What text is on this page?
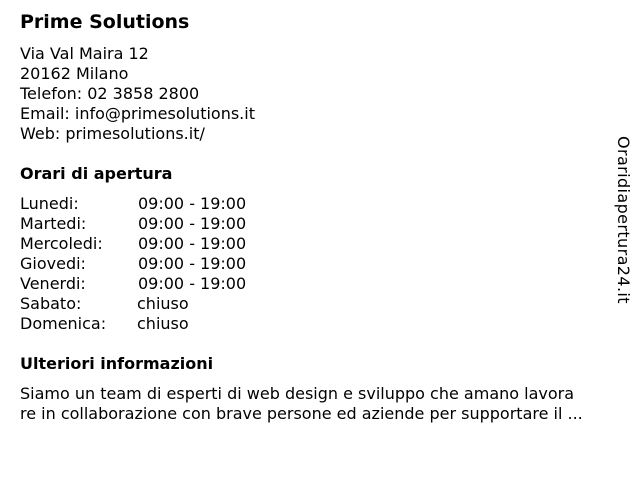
Prime Solutions
Via Val Maira 12
20162 Milano
Telefon: 02 3858 2800
Email: info@primesolutions.it
Web: primesolutions.it/
Orari di apertura
Lunedi:	09:00 - 19:00
Martedi:	09:00 - 19:00
Mercoledi: 09:00 - 19:00
Giovedi:	09:00 - 19:00
Venerdi:	09:00 - 19:00
Sabato:	chiuso
Domenica: chiuso
Ulteriori informazioni
Siamo un team di esperti di web design e sviluppo che amano lavora
re in collaborazione con brave persone ed aziende per supportare il ...
Oraridiapertura24.it
